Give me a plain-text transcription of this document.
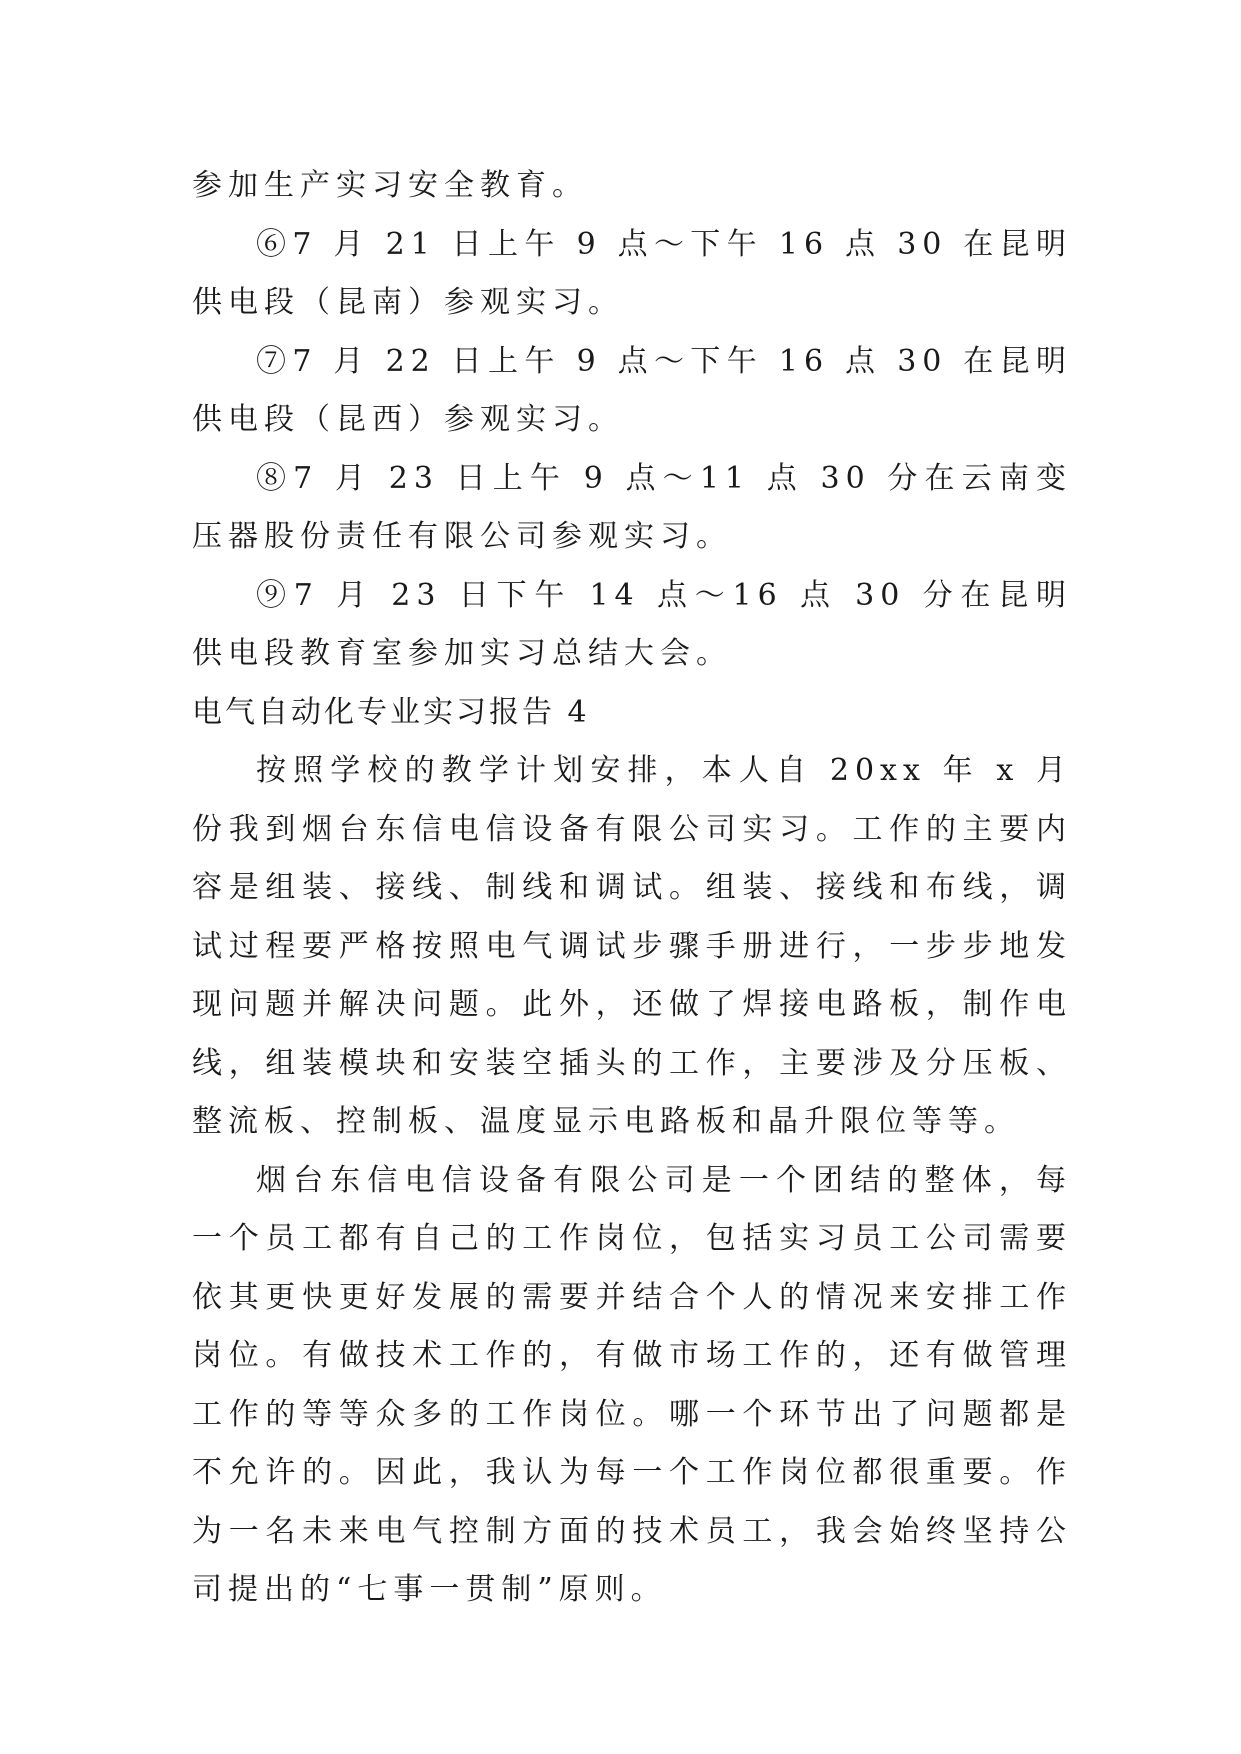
参加生产实习安全教育。

⑥7 月 21 日上午 9 点～下午 16 点 30 在昆明供电段（昆南）参观实习。

⑦7 月 22 日上午 9 点～下午 16 点 30 在昆明供电段（昆西）参观实习。

⑧7 月 23 日上午 9 点～11 点 30 分在云南变压器股份责任有限公司参观实习。

⑨7 月 23 日下午 14 点～16 点 30 分在昆明供电段教育室参加实习总结大会。

电气自动化专业实习报告 4

按照学校的教学计划安排，本人自 20xx 年 x 月份我到烟台东信电信设备有限公司实习。工作的主要内容是组装、接线、制线和调试。组装、接线和布线，调试过程要严格按照电气调试步骤手册进行，一步步地发现问题并解决问题。此外，还做了焊接电路板，制作电线，组装模块和安装空插头的工作，主要涉及分压板、整流板、控制板、温度显示电路板和晶升限位等等。

烟台东信电信设备有限公司是一个团结的整体，每一个员工都有自己的工作岗位，包括实习员工公司需要依其更快更好发展的需要并结合个人的情况来安排工作岗位。有做技术工作的，有做市场工作的，还有做管理工作的等等众多的工作岗位。哪一个环节出了问题都是不允许的。因此，我认为每一个工作岗位都很重要。作为一名未来电气控制方面的技术员工，我会始终坚持公司提出的“七事一贯制”原则。
